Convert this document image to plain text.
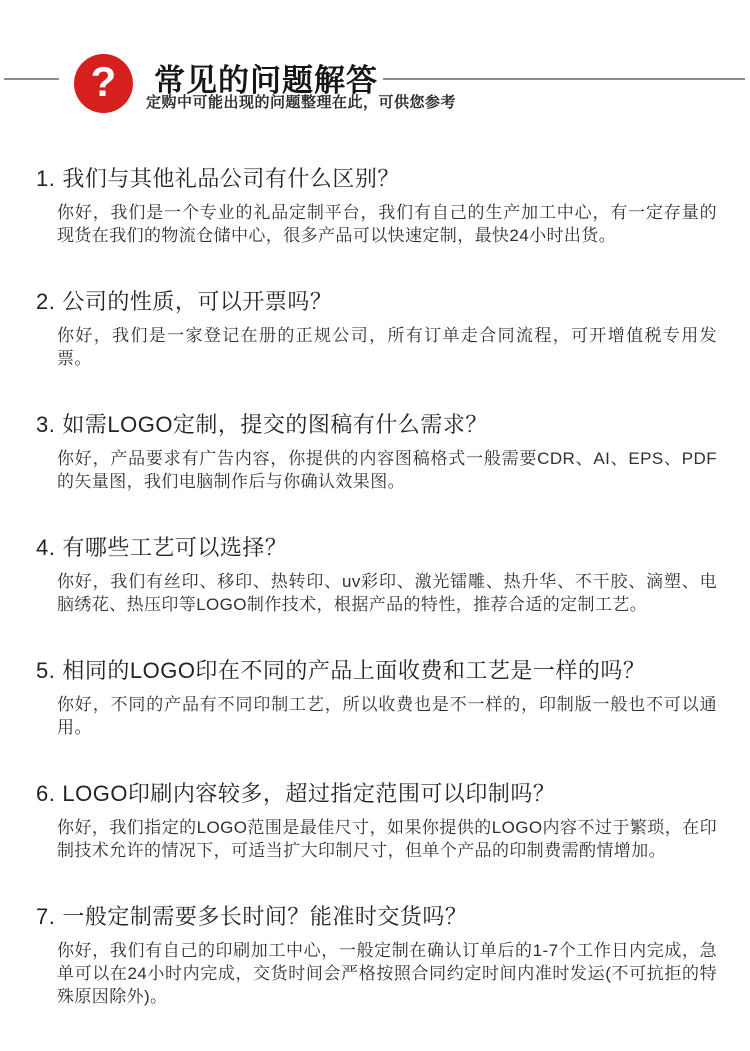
? 常见的问题解答
定购中可能出现的问题整理在此，可供您参考
1. 我们与其他礼品公司有什么区别？

你好，我们是一个专业的礼品定制平台，我们有自己的生产加工中心，有一定存量的现货在我们的物流仓储中心，很多产品可以快速定制，最快24小时出货。

2. 公司的性质，可以开票吗？

你好，我们是一家登记在册的正规公司，所有订单走合同流程，可开增值税专用发票。

3. 如需LOGO定制，提交的图稿有什么需求？

你好，产品要求有广告内容，你提供的内容图稿格式一般需要CDR、AI、EPS、PDF的矢量图，我们电脑制作后与你确认效果图。

4. 有哪些工艺可以选择？

你好，我们有丝印、移印、热转印、uv彩印、激光镭雕、热升华、不干胶、滴塑、电脑绣花、热压印等LOGO制作技术，根据产品的特性，推荐合适的定制工艺。

5. 相同的LOGO印在不同的产品上面收费和工艺是一样的吗？

你好，不同的产品有不同印制工艺，所以收费也是不一样的，印制版一般也不可以通用。

6. LOGO印刷内容较多，超过指定范围可以印制吗？

你好，我们指定的LOGO范围是最佳尺寸，如果你提供的LOGO内容不过于繁琐，在印制技术允许的情况下，可适当扩大印制尺寸，但单个产品的印制费需酌情增加。

7. 一般定制需要多长时间？能准时交货吗？

你好，我们有自己的印刷加工中心，一般定制在确认订单后的1-7个工作日内完成，急单可以在24小时内完成，交货时间会严格按照合同约定时间内准时发运(不可抗拒的特殊原因除外)。
